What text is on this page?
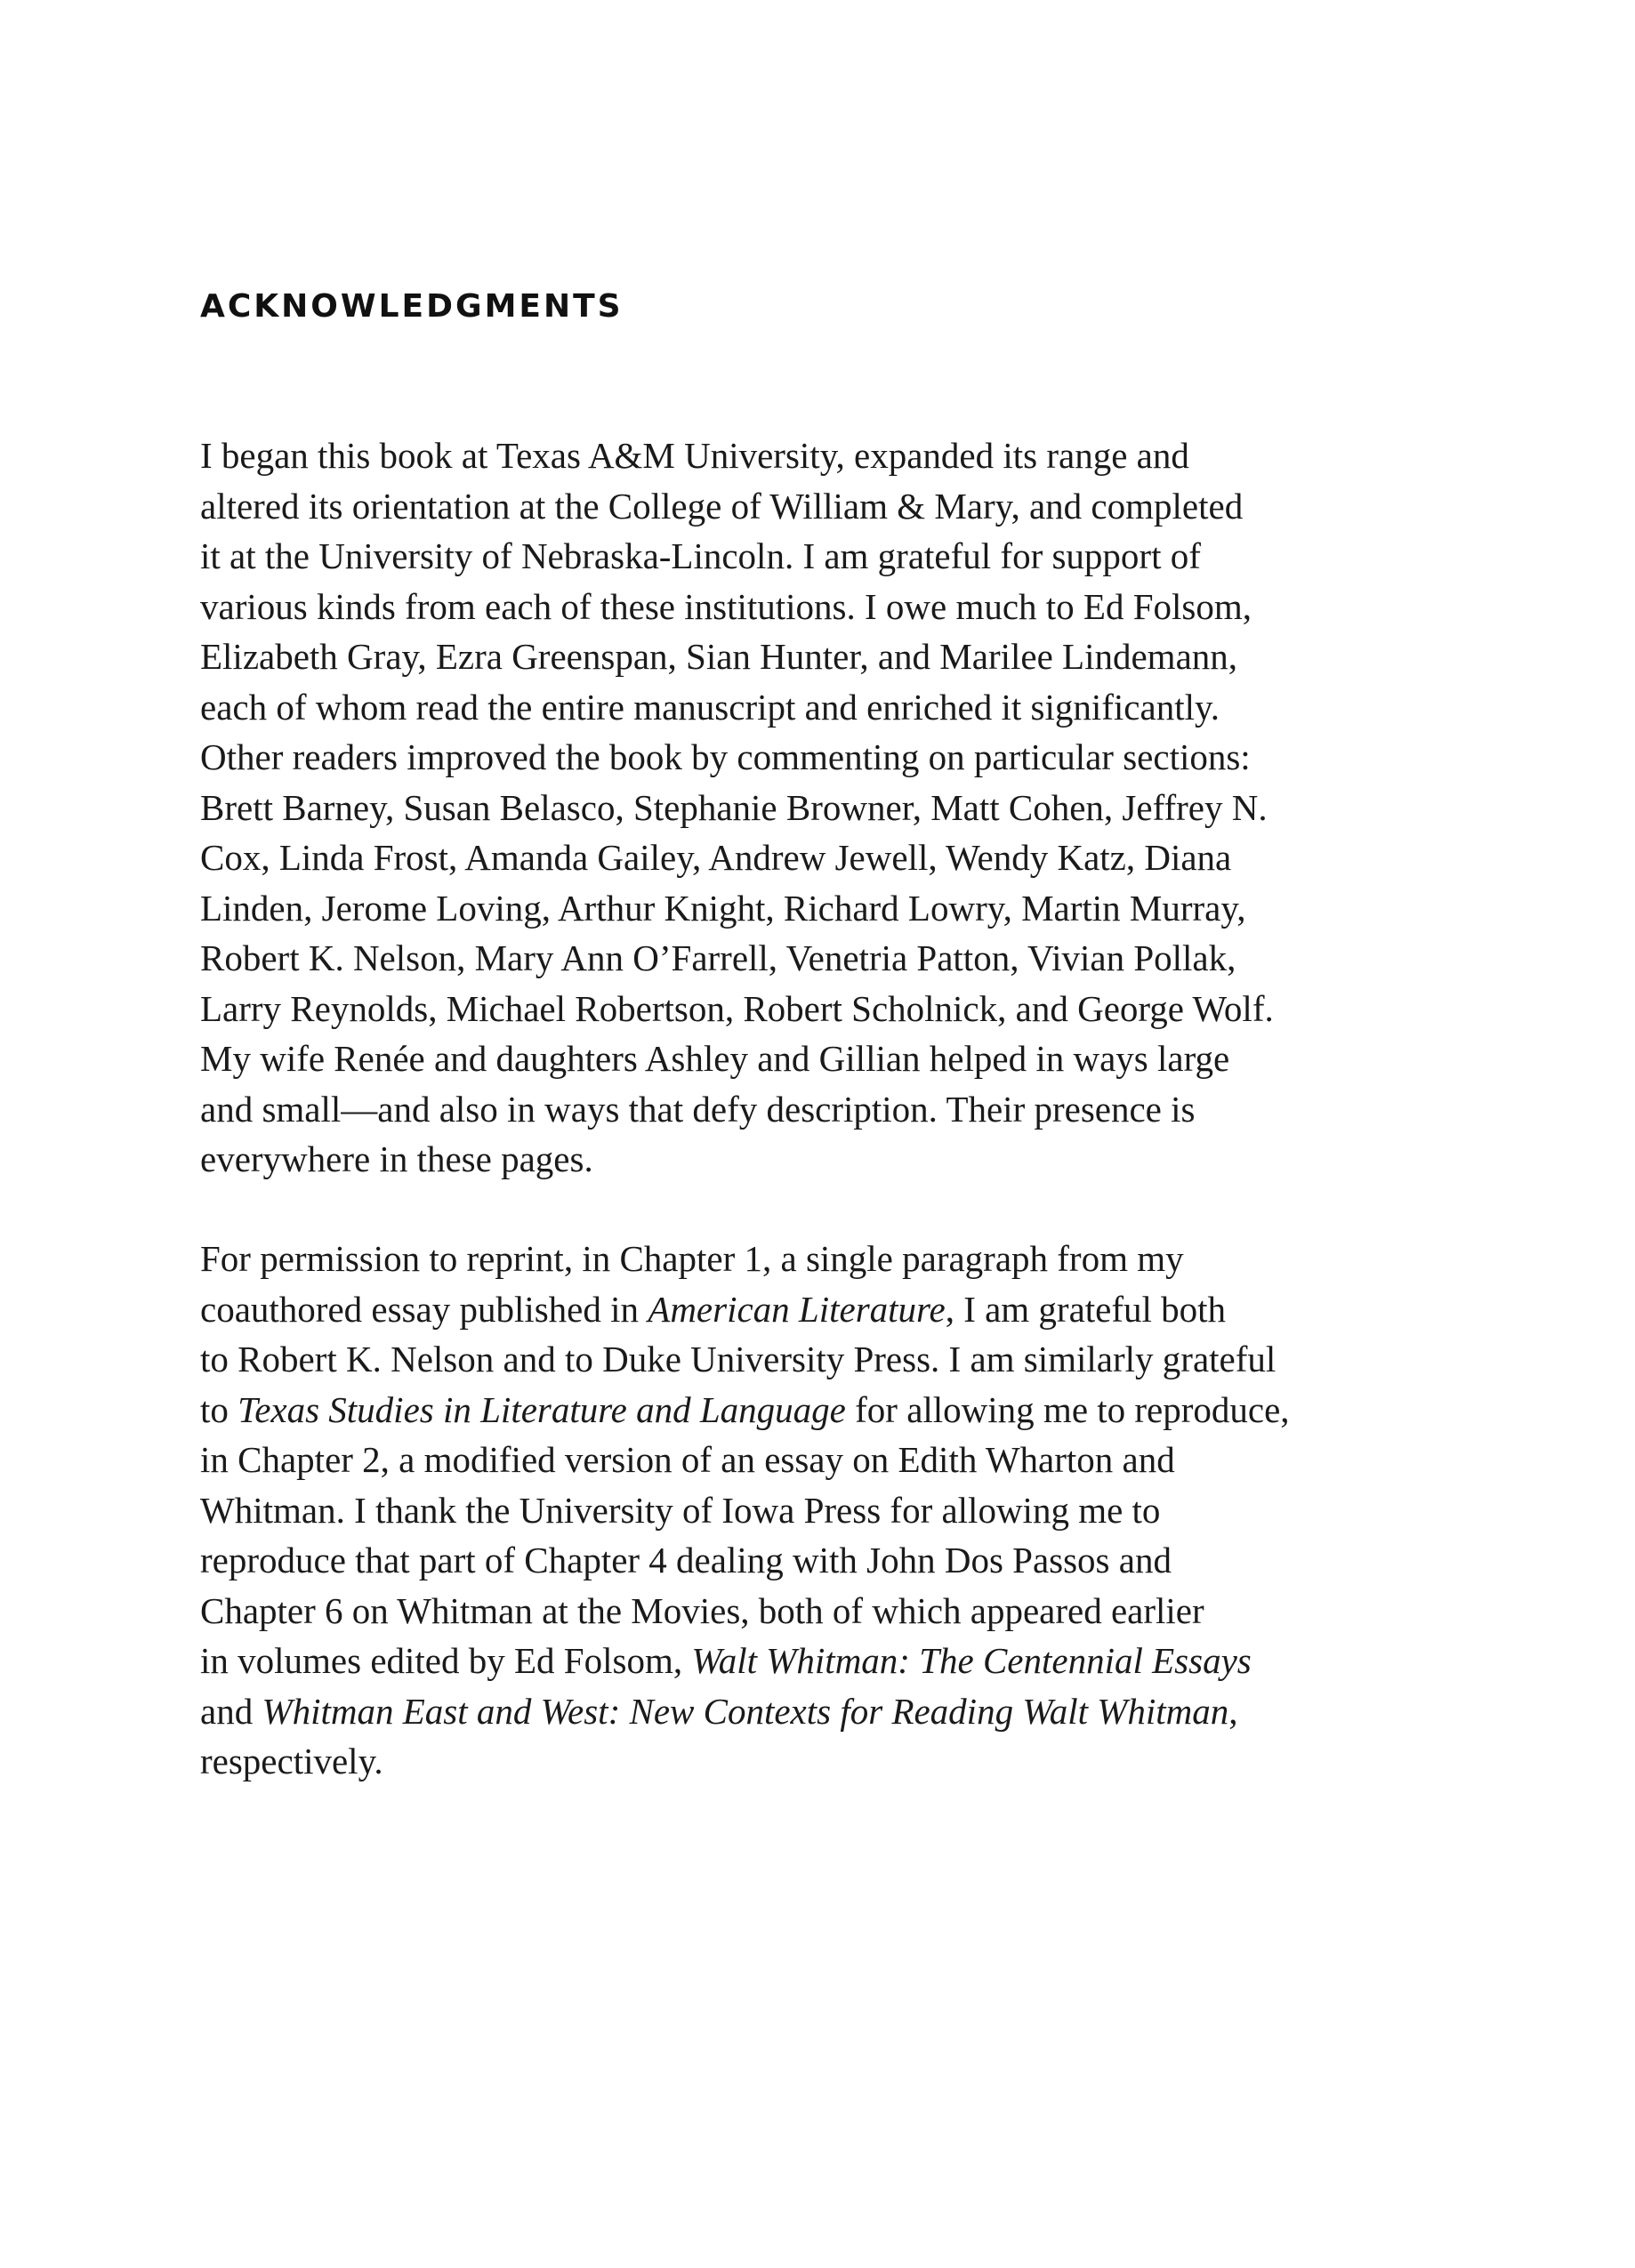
ACKNOWLEDGMENTS
I began this book at Texas A&M University, expanded its range and
altered its orientation at the College of William & Mary, and completed
it at the University of Nebraska-Lincoln. I am grateful for support of
various kinds from each of these institutions. I owe much to Ed Folsom,
Elizabeth Gray, Ezra Greenspan, Sian Hunter, and Marilee Lindemann,
each of whom read the entire manuscript and enriched it significantly.
Other readers improved the book by commenting on particular sections:
Brett Barney, Susan Belasco, Stephanie Browner, Matt Cohen, Jeffrey N.
Cox, Linda Frost, Amanda Gailey, Andrew Jewell, Wendy Katz, Diana
Linden, Jerome Loving, Arthur Knight, Richard Lowry, Martin Murray,
Robert K. Nelson, Mary Ann O’Farrell, Venetria Patton, Vivian Pollak,
Larry Reynolds, Michael Robertson, Robert Scholnick, and George Wolf.
My wife Renée and daughters Ashley and Gillian helped in ways large
and small—and also in ways that defy description. Their presence is
everywhere in these pages.
For permission to reprint, in Chapter 1, a single paragraph from my
coauthored essay published in American Literature, I am grateful both
to Robert K. Nelson and to Duke University Press. I am similarly grateful
to Texas Studies in Literature and Language for allowing me to reproduce,
in Chapter 2, a modified version of an essay on Edith Wharton and
Whitman. I thank the University of Iowa Press for allowing me to
reproduce that part of Chapter 4 dealing with John Dos Passos and
Chapter 6 on Whitman at the Movies, both of which appeared earlier
in volumes edited by Ed Folsom, Walt Whitman: The Centennial Essays
and Whitman East and West: New Contexts for Reading Walt Whitman,
respectively.
